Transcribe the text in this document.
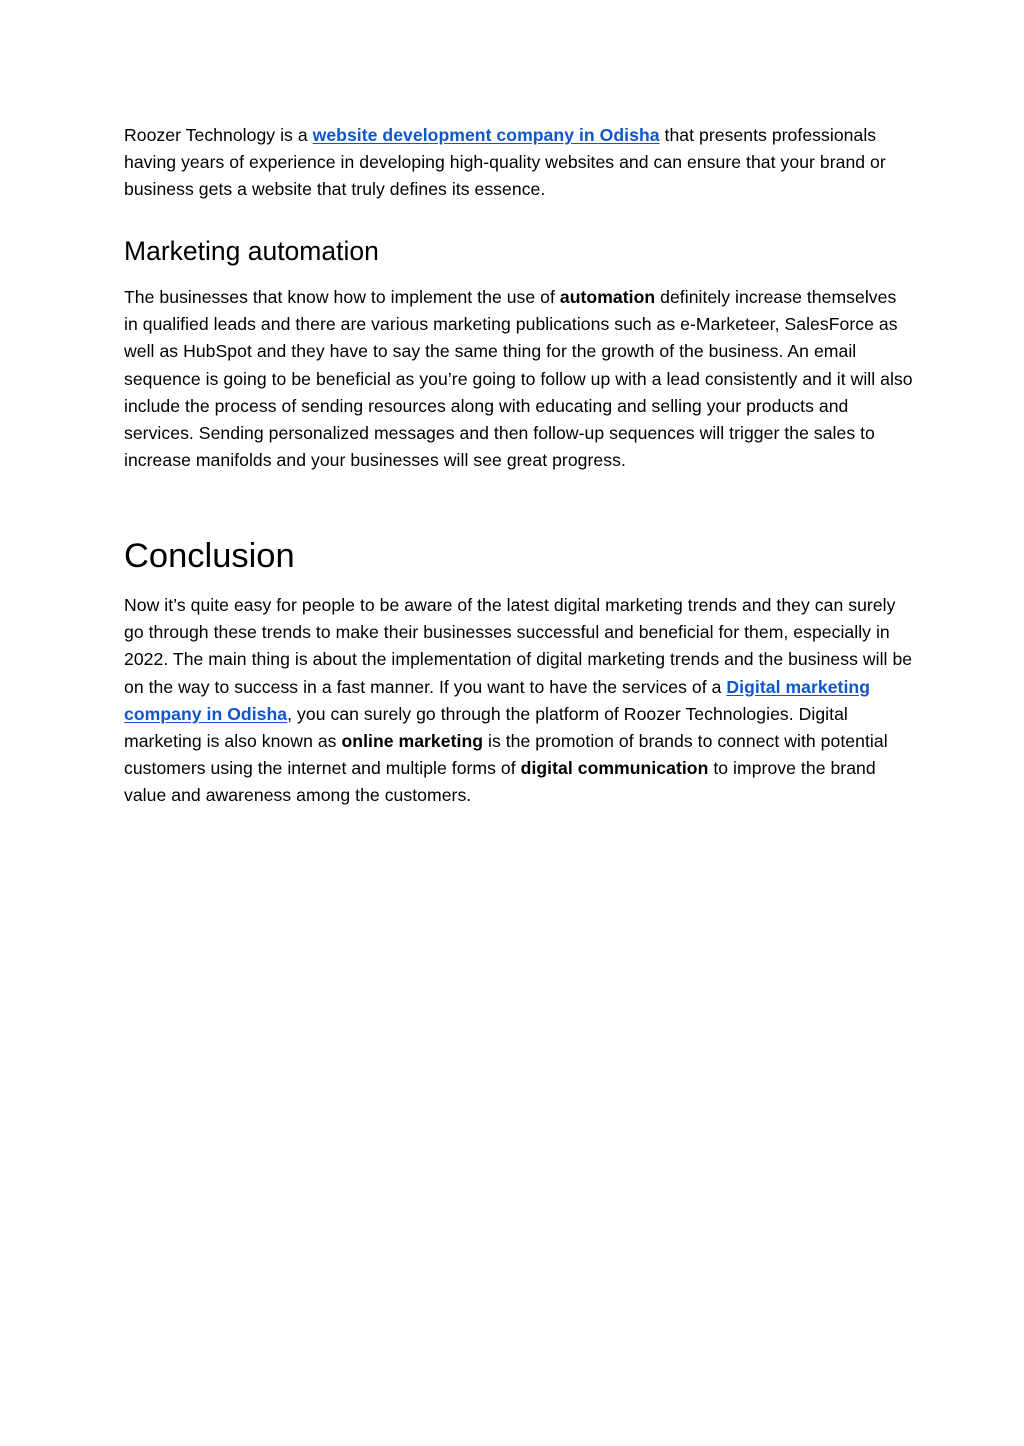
Roozer Technology is a website development company in Odisha that presents professionals having years of experience in developing high-quality websites and can ensure that your brand or business gets a website that truly defines its essence.

Marketing automation

The businesses that know how to implement the use of automation definitely increase themselves in qualified leads and there are various marketing publications such as e-Marketeer, SalesForce as well as HubSpot and they have to say the same thing for the growth of the business. An email sequence is going to be beneficial as you’re going to follow up with a lead consistently and it will also include the process of sending resources along with educating and selling your products and services. Sending personalized messages and then follow-up sequences will trigger the sales to increase manifolds and your businesses will see great progress.

Conclusion

Now it’s quite easy for people to be aware of the latest digital marketing trends and they can surely go through these trends to make their businesses successful and beneficial for them, especially in 2022. The main thing is about the implementation of digital marketing trends and the business will be on the way to success in a fast manner. If you want to have the services of a Digital marketing company in Odisha, you can surely go through the platform of Roozer Technologies. Digital marketing is also known as online marketing is the promotion of brands to connect with potential customers using the internet and multiple forms of digital communication to improve the brand value and awareness among the customers.
